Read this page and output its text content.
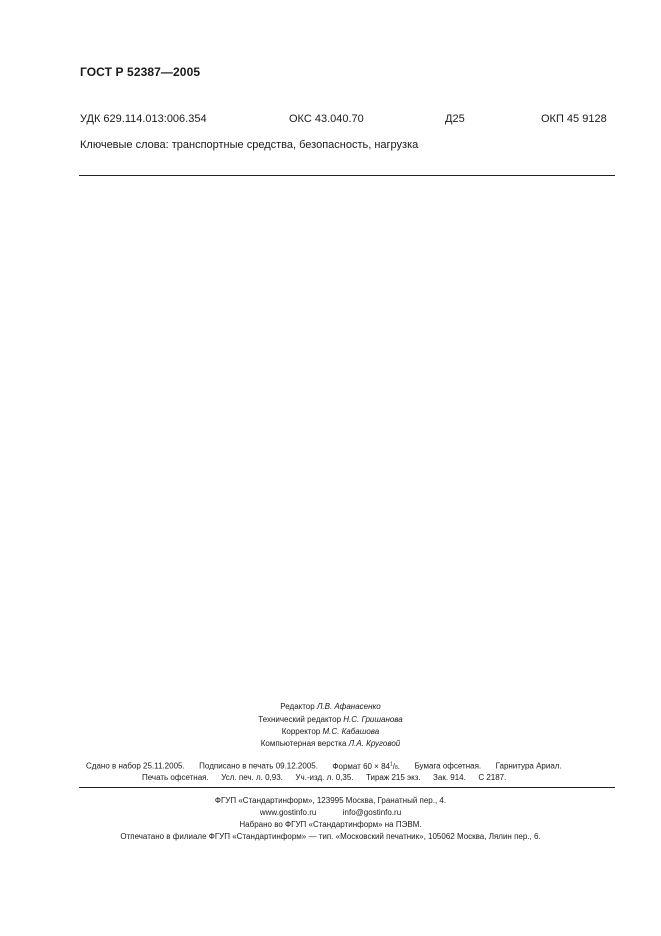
ГОСТ Р 52387—2005
УДК 629.114.013:006.354	ОКС 43.040.70	Д25	ОКП 45 9128
Ключевые слова: транспортные средства, безопасность, нагрузка
Редактор Л.В. Афанасенко
Технический редактор Н.С. Гришанова
Корректор М.С. Кабашова
Компьютерная верстка Л.А. Круговой
Сдано в набор 25.11.2005. Подписано в печать 09.12.2005. Формат $60 \times 84^1/8$. Бумага офсетная. Гарнитура Ариал.
Печать офсетная. Усл. печ. л. 0,93. Уч.-изд. л. 0,35. Тираж 215 экз. Зак. 914. С 2187.
ФГУП «Стандартинформ», 123995 Москва, Гранатный пер., 4.
www.gostinfo.ru	info@gostinfo.ru
Набрано во ФГУП «Стандартинформ» на ПЭВМ.
Отпечатано в филиале ФГУП «Стандартинформ» — тип. «Московский печатник», 105062 Москва, Лялин пер., 6.
